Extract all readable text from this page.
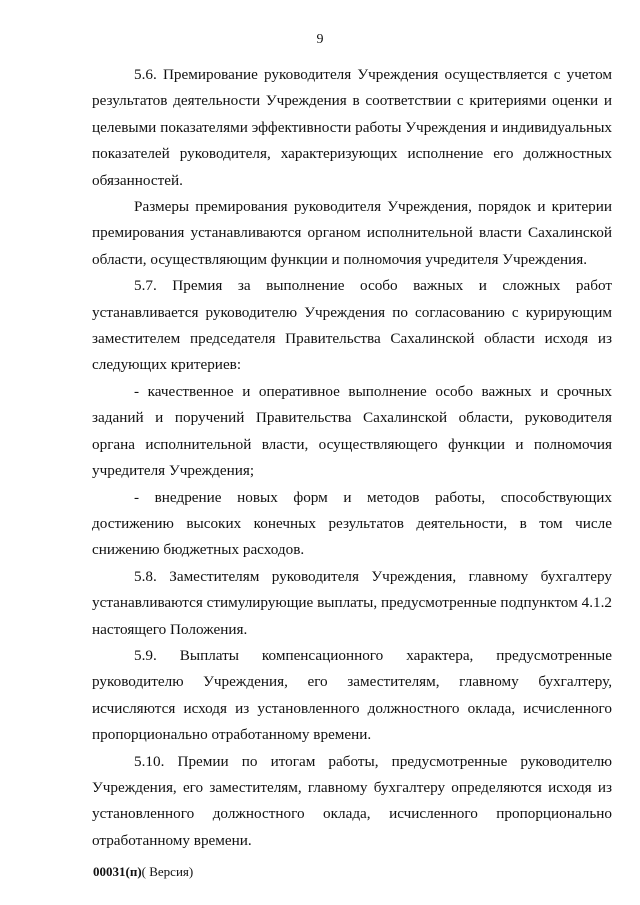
9

5.6. Премирование руководителя Учреждения осуществляется с учетом результатов деятельности Учреждения в соответствии с критериями оценки и целевыми показателями эффективности работы Учреждения и индивидуальных показателей руководителя, характеризующих исполнение его должностных обязанностей.

Размеры премирования руководителя Учреждения, порядок и критерии премирования устанавливаются органом исполнительной власти Сахалинской области, осуществляющим функции и полномочия учредителя Учреждения.

5.7. Премия за выполнение особо важных и сложных работ устанавливается руководителю Учреждения по согласованию с курирующим заместителем председателя Правительства Сахалинской области исходя из следующих критериев:

- качественное и оперативное выполнение особо важных и срочных заданий и поручений Правительства Сахалинской области, руководителя органа исполнительной власти, осуществляющего функции и полномочия учредителя Учреждения;

- внедрение новых форм и методов работы, способствующих достижению высоких конечных результатов деятельности, в том числе снижению бюджетных расходов.

5.8. Заместителям руководителя Учреждения, главному бухгалтеру устанавливаются стимулирующие выплаты, предусмотренные подпунктом 4.1.2 настоящего Положения.

5.9. Выплаты компенсационного характера, предусмотренные руководителю Учреждения, его заместителям, главному бухгалтеру, исчисляются исходя из установленного должностного оклада, исчисленного пропорционально отработанному времени.

5.10. Премии по итогам работы, предусмотренные руководителю Учреждения, его заместителям, главному бухгалтеру определяются исходя из установленного должностного оклада, исчисленного пропорционально отработанному времени.

00031(п)( Версия)
